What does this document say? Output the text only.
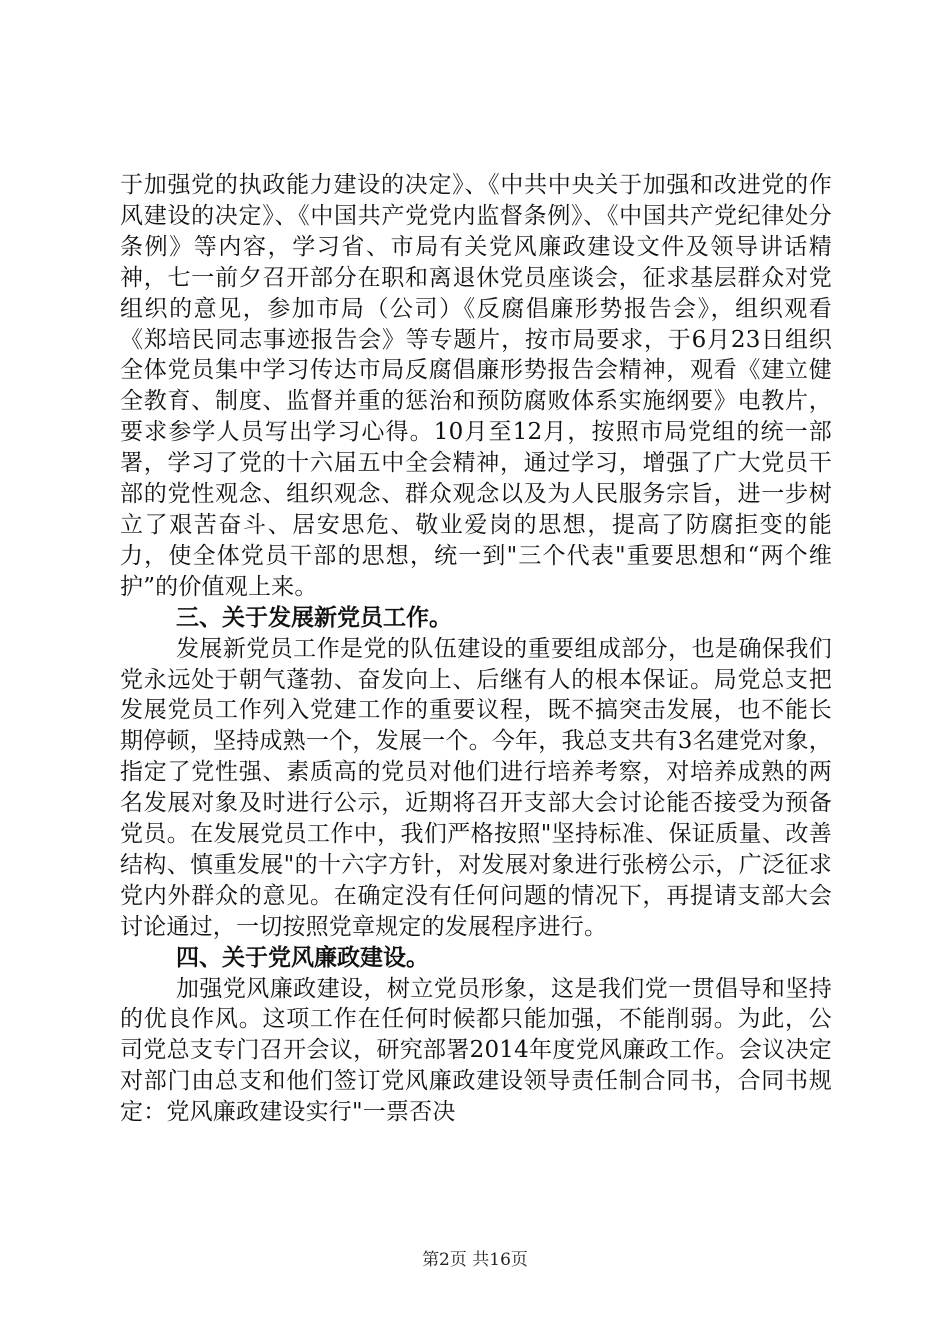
于加强党的执政能力建设的决定》、《中共中央关于加强和改进党的作风建设的决定》、《中国共产党党内监督条例》、《中国共产党纪律处分条例》等内容，学习省、市局有关党风廉政建设文件及领导讲话精神，七一前夕召开部分在职和离退休党员座谈会，征求基层群众对党组织的意见，参加市局（公司）《反腐倡廉形势报告会》，组织观看《郑培民同志事迹报告会》等专题片，按市局要求，于6月23日组织全体党员集中学习传达市局反腐倡廉形势报告会精神，观看《建立健全教育、制度、监督并重的惩治和预防腐败体系实施纲要》电教片，要求参学人员写出学习心得。10月至12月，按照市局党组的统一部署，学习了党的十六届五中全会精神，通过学习，增强了广大党员干部的党性观念、组织观念、群众观念以及为人民服务宗旨，进一步树立了艰苦奋斗、居安思危、敬业爱岗的思想，提高了防腐拒变的能力，使全体党员干部的思想，统一到"三个代表"重要思想和“两个维护”的价值观上来。

三、关于发展新党员工作。

发展新党员工作是党的队伍建设的重要组成部分，也是确保我们党永远处于朝气蓬勃、奋发向上、后继有人的根本保证。局党总支把发展党员工作列入党建工作的重要议程，既不搞突击发展，也不能长期停顿，坚持成熟一个，发展一个。今年，我总支共有3名建党对象，指定了党性强、素质高的党员对他们进行培养考察，对培养成熟的两名发展对象及时进行公示，近期将召开支部大会讨论能否接受为预备党员。在发展党员工作中，我们严格按照"坚持标准、保证质量、改善结构、慎重发展"的十六字方针，对发展对象进行张榜公示，广泛征求党内外群众的意见。在确定没有任何问题的情况下，再提请支部大会讨论通过，一切按照党章规定的发展程序进行。

四、关于党风廉政建设。

加强党风廉政建设，树立党员形象，这是我们党一贯倡导和坚持的优良作风。这项工作在任何时候都只能加强，不能削弱。为此，公司党总支专门召开会议，研究部署2014年度党风廉政工作。会议决定对部门由总支和他们签订党风廉政建设领导责任制合同书，合同书规定：党风廉政建设实行"一票否决

第2页 共16页
